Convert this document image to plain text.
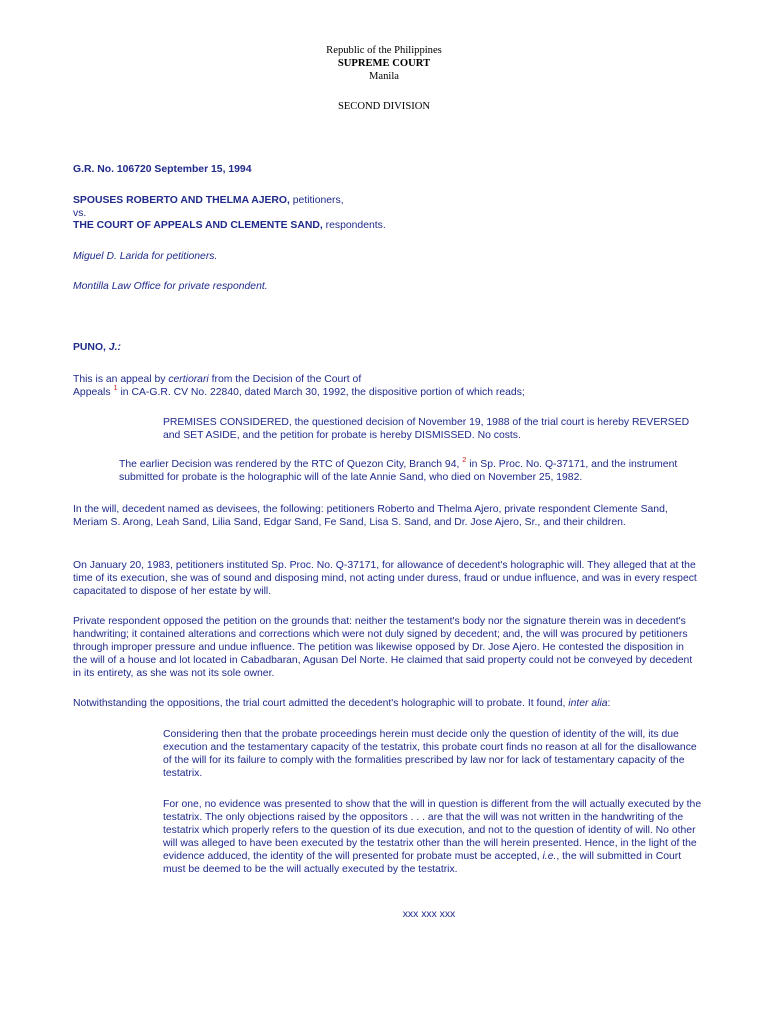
Republic of the Philippines
SUPREME COURT
Manila
SECOND DIVISION
G.R. No. 106720 September 15, 1994
SPOUSES ROBERTO AND THELMA AJERO, petitioners,
vs.
THE COURT OF APPEALS AND CLEMENTE SAND, respondents.
Miguel D. Larida for petitioners.
Montilla Law Office for private respondent.
PUNO, J.:
This is an appeal by certiorari from the Decision of the Court of
Appeals $^1$ in CA-G.R. CV No. 22840, dated March 30, 1992, the dispositive portion of which reads;
PREMISES CONSIDERED, the questioned decision of November 19, 1988 of the trial court is hereby REVERSED and SET ASIDE, and the petition for probate is hereby DISMISSED. No costs.
The earlier Decision was rendered by the RTC of Quezon City, Branch 94, $^2$ in Sp. Proc. No. Q-37171, and the instrument submitted for probate is the holographic will of the late Annie Sand, who died on November 25, 1982.
In the will, decedent named as devisees, the following: petitioners Roberto and Thelma Ajero, private respondent Clemente Sand, Meriam S. Arong, Leah Sand, Lilia Sand, Edgar Sand, Fe Sand, Lisa S. Sand, and Dr. Jose Ajero, Sr., and their children.
On January 20, 1983, petitioners instituted Sp. Proc. No. Q-37171, for allowance of decedent's holographic will. They alleged that at the time of its execution, she was of sound and disposing mind, not acting under duress, fraud or undue influence, and was in every respect capacitated to dispose of her estate by will.
Private respondent opposed the petition on the grounds that: neither the testament's body nor the signature therein was in decedent's handwriting; it contained alterations and corrections which were not duly signed by decedent; and, the will was procured by petitioners through improper pressure and undue influence. The petition was likewise opposed by Dr. Jose Ajero. He contested the disposition in the will of a house and lot located in Cabadbaran, Agusan Del Norte. He claimed that said property could not be conveyed by decedent in its entirety, as she was not its sole owner.
Notwithstanding the oppositions, the trial court admitted the decedent's holographic will to probate. It found, inter alia:
Considering then that the probate proceedings herein must decide only the question of identity of the will, its due execution and the testamentary capacity of the testatrix, this probate court finds no reason at all for the disallowance of the will for its failure to comply with the formalities prescribed by law nor for lack of testamentary capacity of the testatrix.
For one, no evidence was presented to show that the will in question is different from the will actually executed by the testatrix. The only objections raised by the oppositors . . . are that the will was not written in the handwriting of the testatrix which properly refers to the question of its due execution, and not to the question of identity of will. No other will was alleged to have been executed by the testatrix other than the will herein presented. Hence, in the light of the evidence adduced, the identity of the will presented for probate must be accepted, i.e., the will submitted in Court must be deemed to be the will actually executed by the testatrix.
xxx xxx xxx
